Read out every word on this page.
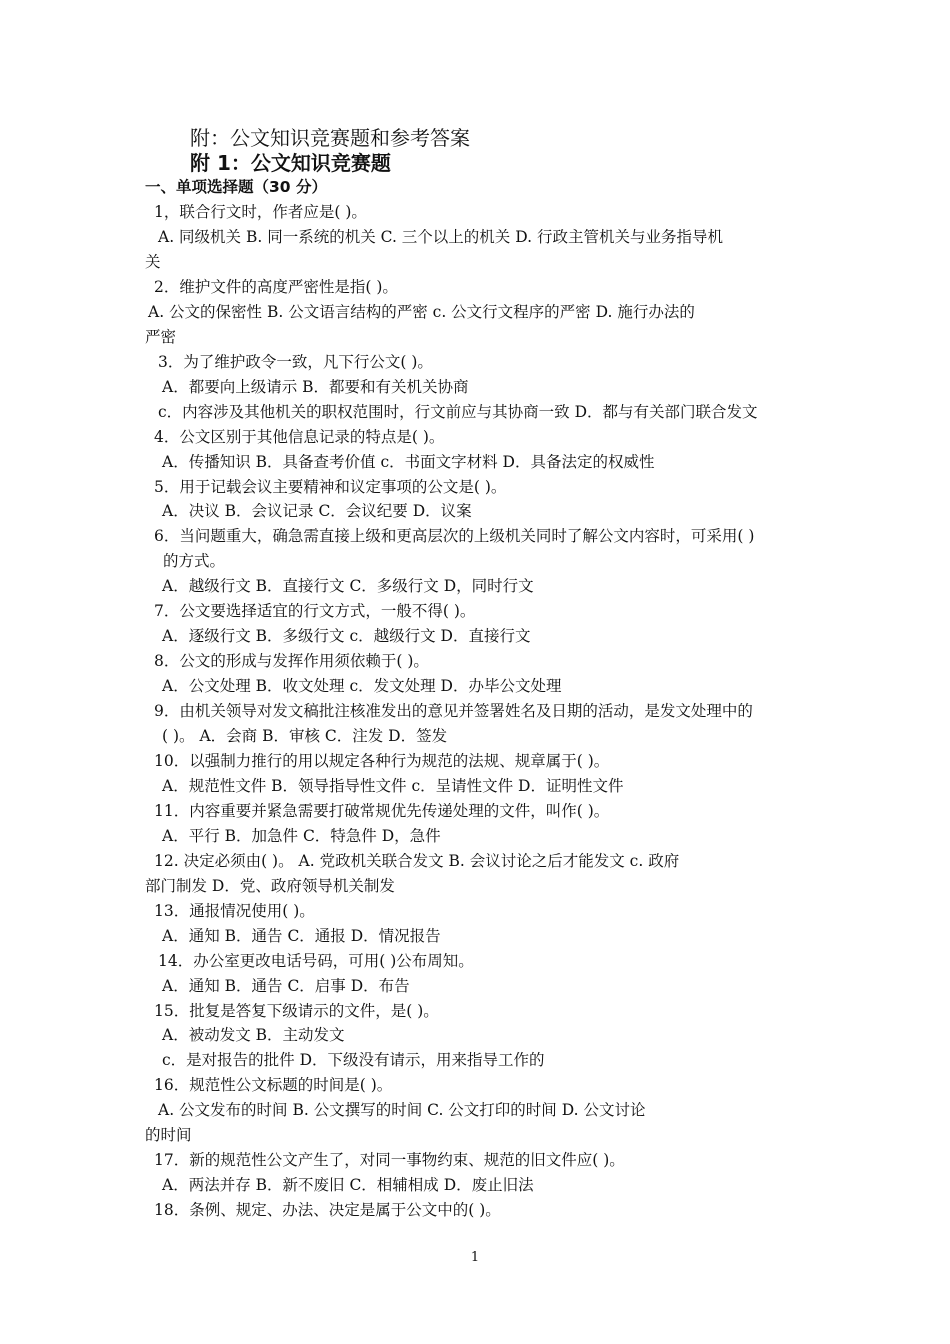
附：公文知识竞赛题和参考答案
附 1：公文知识竞赛题
一、单项选择题（30 分）
1，联合行文时，作者应是( )。
A. 同级机关 B. 同一系统的机关 C. 三个以上的机关 D. 行政主管机关与业务指导机
关
2．维护文件的高度严密性是指( )。
A. 公文的保密性 B. 公文语言结构的严密 c. 公文行文程序的严密 D. 施行办法的
严密
3．为了维护政令一致，凡下行公文( )。
A．都要向上级请示 B．都要和有关机关协商
c．内容涉及其他机关的职权范围时，行文前应与其协商一致 D．都与有关部门联合发文
4．公文区别于其他信息记录的特点是( )。
A．传播知识 B．具备查考价值 c．书面文字材料 D．具备法定的权威性
5．用于记载会议主要精神和议定事项的公文是( )。
A．决议 B．会议记录 C．会议纪要 D．议案
6．当问题重大，确急需直接上级和更高层次的上级机关同时了解公文内容时，可采用( )
的方式。
A．越级行文 B．直接行文 C．多级行文 D，同时行文
7．公文要选择适宜的行文方式，一般不得( )。
A．逐级行文 B．多级行文 c．越级行文 D．直接行文
8．公文的形成与发挥作用须依赖于( )。
A．公文处理 B．收文处理 c．发文处理 D．办毕公文处理
9．由机关领导对发文稿批注核准发出的意见并签署姓名及日期的活动，是发文处理中的
( )。 A．会商 B．审核 C．注发 D．签发
10．以强制力推行的用以规定各种行为规范的法规、规章属于( )。
A．规范性文件 B．领导指导性文件 c．呈请性文件 D．证明性文件
11．内容重要并紧急需要打破常规优先传递处理的文件，叫作( )。
A．平行 B．加急件 C．特急件 D，急件
12. 决定必须由( )。 A. 党政机关联合发文 B. 会议讨论之后才能发文 c. 政府
部门制发 D．党、政府领导机关制发
13．通报情况使用( )。
A．通知 B．通告 C．通报 D．情况报告
14．办公室更改电话号码，可用( )公布周知。
A．通知 B．通告 C．启事 D．布告
15．批复是答复下级请示的文件，是( )。
A．被动发文 B．主动发文
c．是对报告的批件 D．下级没有请示，用来指导工作的
16．规范性公文标题的时间是( )。
A. 公文发布的时间 B. 公文撰写的时间 C. 公文打印的时间 D. 公文讨论
的时间
17．新的规范性公文产生了，对同一事物约束、规范的旧文件应( )。
A．两法并存 B．新不废旧 C．相辅相成 D．废止旧法
18．条例、规定、办法、决定是属于公文中的( )。
1
